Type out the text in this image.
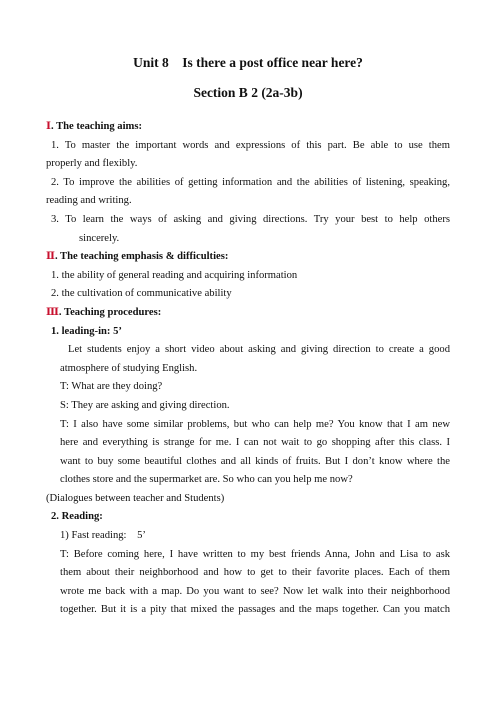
Unit 8    Is there a post office near here?

Section B 2 (2a-3b)

Ⅰ. The teaching aims:
1. To master the important words and expressions of this part. Be able to use them
properly and flexibly.
2. To improve the abilities of getting information and the abilities of listening, speaking,
reading and writing.
3. To learn the ways of asking and giving directions. Try your best to help others
sincerely.
Ⅱ. The teaching emphasis & difficulties:
1. the ability of general reading and acquiring information
2. the cultivation of communicative ability
Ⅲ. Teaching procedures:
1. leading-in: 5’
Let students enjoy a short video about asking and giving direction to create a good
atmosphere of studying English.
T: What are they doing?
S: They are asking and giving direction.
T: I also have some similar problems, but who can help me? You know that I am new
here and everything is strange for me. I can not wait to go shopping after this class. I
want to buy some beautiful clothes and all kinds of fruits. But I don’t know where the
clothes store and the supermarket are. So who can you help me now?
(Dialogues between teacher and Students)
2. Reading:
1) Fast reading:    5’
T: Before coming here, I have written to my best friends Anna, John and Lisa to ask
them about their neighborhood and how to get to their favorite places. Each of them
wrote me back with a map. Do you want to see? Now let walk into their neighborhood
together. But it is a pity that mixed the passages and the maps together. Can you match
